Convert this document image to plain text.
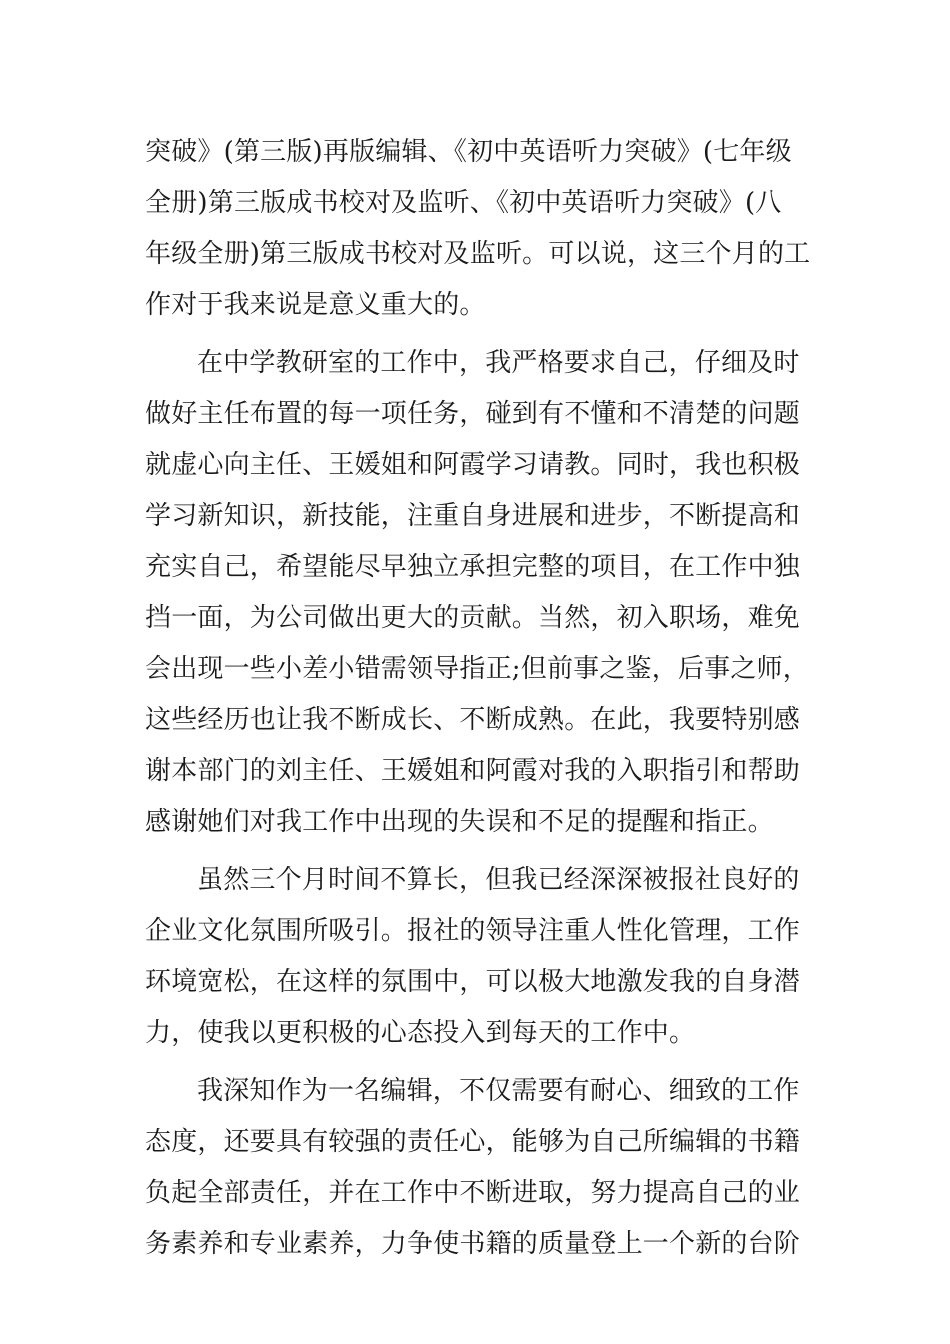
突破》(第三版)再版编辑、《初中英语听力突破》(七年级
全册)第三版成书校对及监听、《初中英语听力突破》(八
年级全册)第三版成书校对及监听。可以说，这三个月的工
作对于我来说是意义重大的。
在中学教研室的工作中，我严格要求自己，仔细及时
做好主任布置的每一项任务，碰到有不懂和不清楚的问题
就虚心向主任、王媛姐和阿霞学习请教。同时，我也积极
学习新知识，新技能，注重自身进展和进步，不断提高和
充实自己，希望能尽早独立承担完整的项目，在工作中独
挡一面，为公司做出更大的贡献。当然，初入职场，难免
会出现一些小差小错需领导指正;但前事之鉴，后事之师，
这些经历也让我不断成长、不断成熟。在此，我要特别感
谢本部门的刘主任、王媛姐和阿霞对我的入职指引和帮助
感谢她们对我工作中出现的失误和不足的提醒和指正。
虽然三个月时间不算长，但我已经深深被报社良好的
企业文化氛围所吸引。报社的领导注重人性化管理，工作
环境宽松，在这样的氛围中，可以极大地激发我的自身潜
力，使我以更积极的心态投入到每天的工作中。
我深知作为一名编辑，不仅需要有耐心、细致的工作
态度，还要具有较强的责任心，能够为自己所编辑的书籍
负起全部责任，并在工作中不断进取，努力提高自己的业
务素养和专业素养，力争使书籍的质量登上一个新的台阶
